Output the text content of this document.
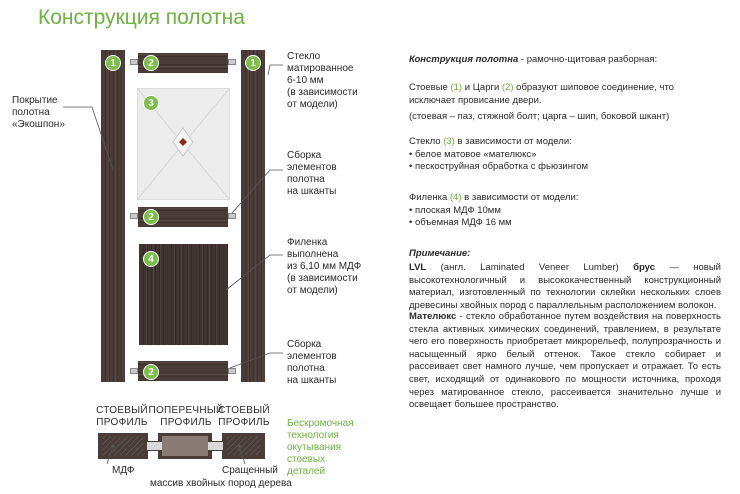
Конструкция полотна
1	1
2
3
2
4
2
Покрытие
полотна
«Экошпон»
Стекло
матированное
6-10 мм
(в зависимости
от модели)
Сборка
элементов
полотна
на шканты
Филенка
выполнена
из 6,10 мм МДФ
(в зависимости
от модели)
Сборка
элементов
полотна
на шканты
СТОЕВЫЙ
ПРОФИЛЬ
ПОПЕРЕЧНЫЙ
ПРОФИЛЬ
СТОЕВЫЙ
ПРОФИЛЬ
МДФ	Сращенный
массив хвойных пород дерева
Бескромочная
технология
окутывания
стоевых
деталей

Конструкция полотна - рамочно-щитовая разборная:

Стоевые (1) и Царги (2) образуют шиповое соединение, что исключает провисание двери.

(стоевая – паз, стяжной болт; царга – шип, боковой шкант)

Стекло (3) в зависимости от модели:

• белое матовое «мателюкс»

• пескоструйная обработка с фьюзингом

Филенка (4) в зависимости от модели:

• плоская МДФ 10мм

• объемная МДФ 16 мм

Примечание:

LVL (англ. Laminated Veneer Lumber) брус — новый высокотехнологичный и высококачественный конструкционный материал, изготовленный по технологии склейки нескольких слоев древесины хвойных пород с параллельным расположением волокон.

Мателюкс - стекло обработанное путем воздействия на поверхность стекла активных химических соединений, травлением, в результате чего его поверхность приобретает микрорельеф, полупрозрачность и насыщенный ярко белый оттенок. Такое стекло собирает и рассеивает свет намного лучше, чем пропускает и отражает. То есть свет, исходящий от одинакового по мощности источника, проходя через матированное стекло, рассеивается значительно лучше и освещает большее пространство.
